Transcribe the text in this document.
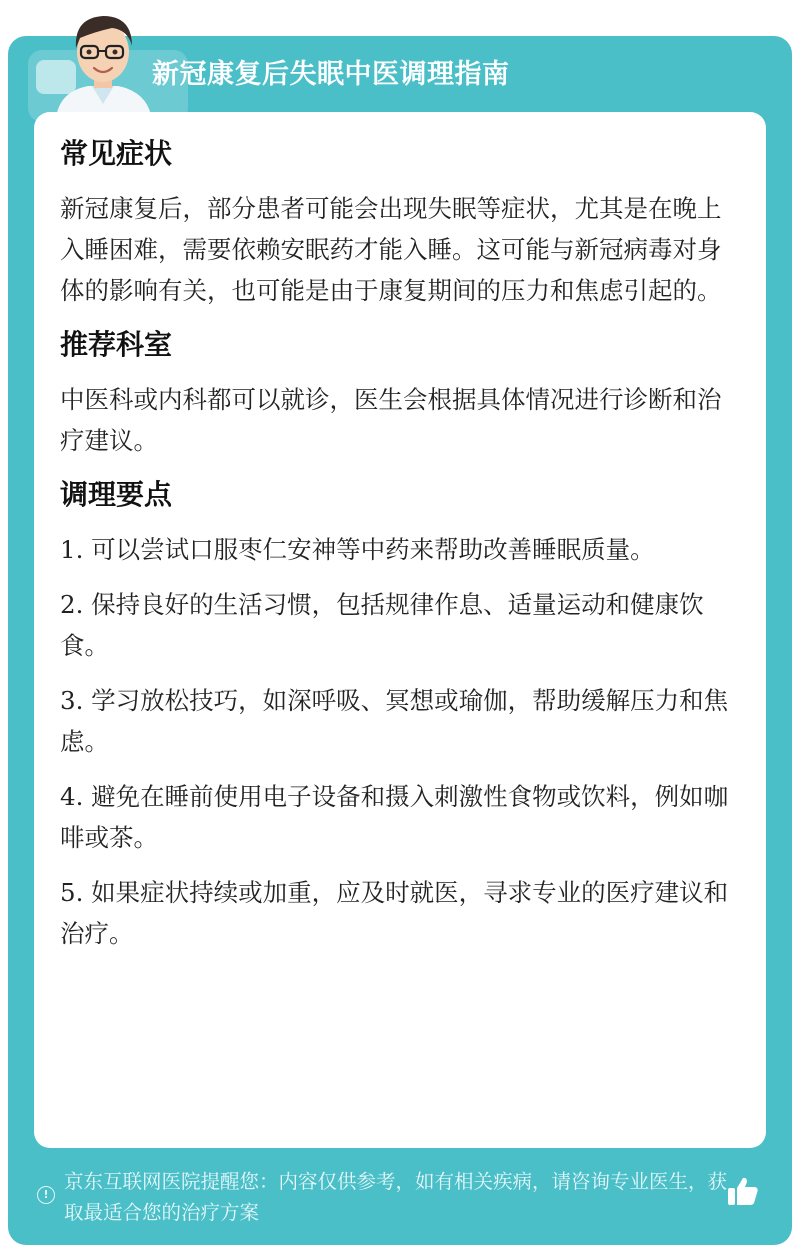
新冠康复后失眠中医调理指南
常见症状
新冠康复后，部分患者可能会出现失眠等症状，尤其是在晚上入睡困难，需要依赖安眠药才能入睡。这可能与新冠病毒对身体的影响有关，也可能是由于康复期间的压力和焦虑引起的。
推荐科室
中医科或内科都可以就诊，医生会根据具体情况进行诊断和治疗建议。
调理要点
1. 可以尝试口服枣仁安神等中药来帮助改善睡眠质量。
2. 保持良好的生活习惯，包括规律作息、适量运动和健康饮食。
3. 学习放松技巧，如深呼吸、冥想或瑜伽，帮助缓解压力和焦虑。
4. 避免在睡前使用电子设备和摄入刺激性食物或饮料，例如咖啡或茶。
5. 如果症状持续或加重，应及时就医，寻求专业的医疗建议和治疗。
!
京东互联网医院提醒您：内容仅供参考，如有相关疾病，请咨询专业医生，获取最适合您的治疗方案
